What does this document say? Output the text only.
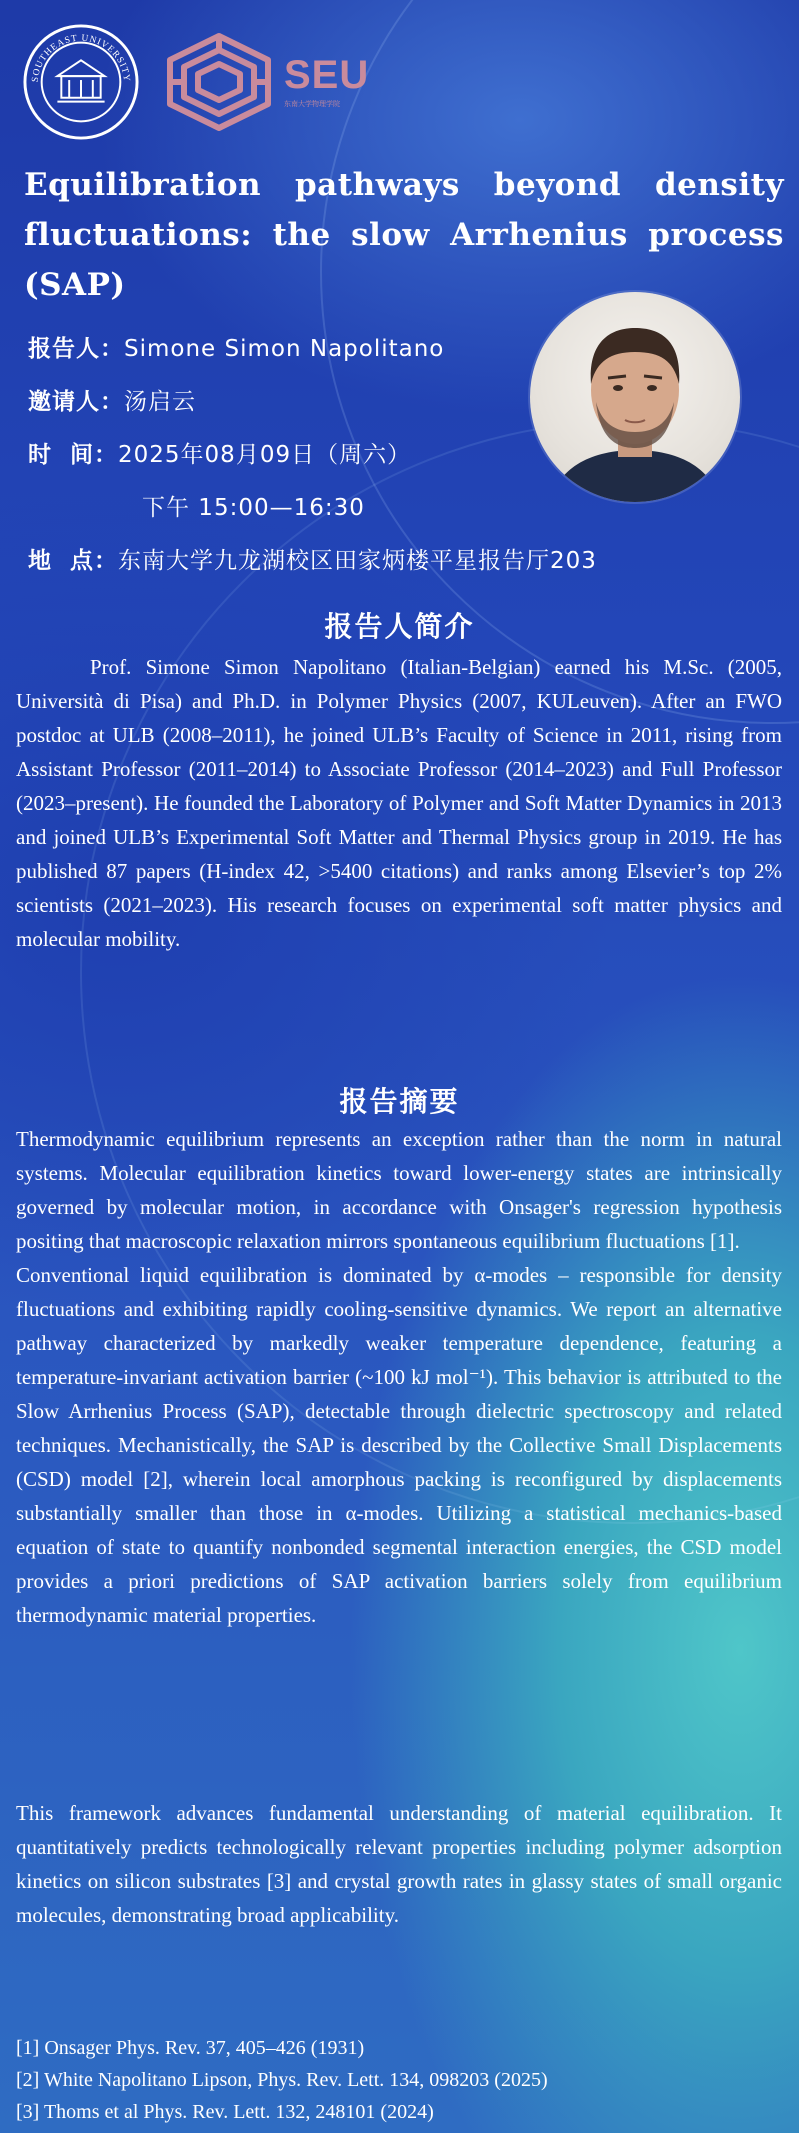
SOUTHEAST UNIVERSITY	SEU
东南大学物理学院
Equilibration pathways beyond density fluctuations: the slow Arrhenius process (SAP)
报告人：Simone Simon Napolitano
邀请人：汤启云
时  间：2025年08月09日（周六）
下午 15:00—16:30
地  点：东南大学九龙湖校区田家炳楼平星报告厅203
报告人简介

Prof. Simone Simon Napolitano (Italian-Belgian) earned his M.Sc. (2005, Università di Pisa) and Ph.D. in Polymer Physics (2007, KULeuven). After an FWO postdoc at ULB (2008–2011), he joined ULB’s Faculty of Science in 2011, rising from Assistant Professor (2011–2014) to Associate Professor (2014–2023) and Full Professor (2023–present). He founded the Laboratory of Polymer and Soft Matter Dynamics in 2013 and joined ULB’s Experimental Soft Matter and Thermal Physics group in 2019. He has published 87 papers (H-index 42, >5400 citations) and ranks among Elsevier’s top 2% scientists (2021–2023). His research focuses on experimental soft matter physics and molecular mobility.

报告摘要

Thermodynamic equilibrium represents an exception rather than the norm in natural systems. Molecular equilibration kinetics toward lower-energy states are intrinsically governed by molecular motion, in accordance with Onsager's regression hypothesis positing that macroscopic relaxation mirrors spontaneous equilibrium fluctuations [1].

Conventional liquid equilibration is dominated by α-modes – responsible for density fluctuations and exhibiting rapidly cooling-sensitive dynamics. We report an alternative pathway characterized by markedly weaker temperature dependence, featuring a temperature-invariant activation barrier (~100 kJ mol⁻¹). This behavior is attributed to the Slow Arrhenius Process (SAP), detectable through dielectric spectroscopy and related techniques. Mechanistically, the SAP is described by the Collective Small Displacements (CSD) model [2], wherein local amorphous packing is reconfigured by displacements substantially smaller than those in α-modes. Utilizing a statistical mechanics-based equation of state to quantify nonbonded segmental interaction energies, the CSD model provides a priori predictions of SAP activation barriers solely from equilibrium thermodynamic material properties.

This framework advances fundamental understanding of material equilibration. It quantitatively predicts technologically relevant properties including polymer adsorption kinetics on silicon substrates [3] and crystal growth rates in glassy states of small organic molecules, demonstrating broad applicability.

[1] Onsager Phys. Rev. 37, 405–426 (1931)
[2] White Napolitano Lipson, Phys. Rev. Lett. 134, 098203 (2025)
[3] Thoms et al Phys. Rev. Lett. 132, 248101 (2024)
